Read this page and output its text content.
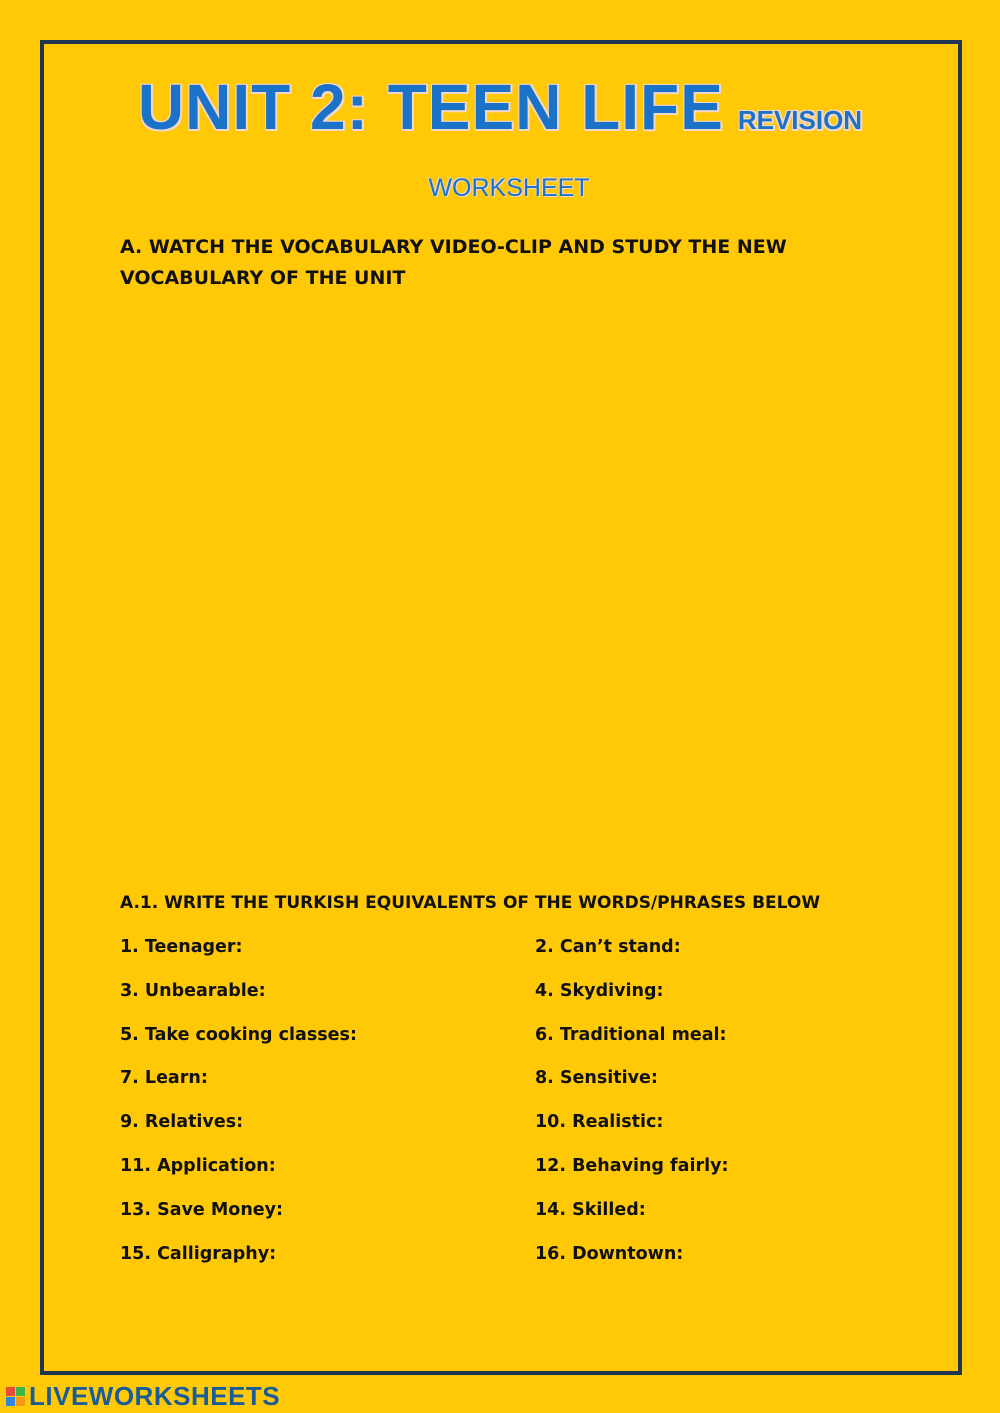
UNIT 2: TEEN LIFE REVISION
WORKSHEET
A. WATCH THE VOCABULARY VIDEO-CLIP AND STUDY THE NEW
VOCABULARY OF THE UNIT
A.1. WRITE THE TURKISH EQUIVALENTS OF THE WORDS/PHRASES BELOW
1. Teenager:	2. Can’t stand:
3. Unbearable:	4. Skydiving:
5. Take cooking classes:	6. Traditional meal:
7. Learn:	8. Sensitive:
9. Relatives:	10. Realistic:
11. Application:	12. Behaving fairly:
13. Save Money:	14. Skilled:
15. Calligraphy:	16. Downtown:
LIVEWORKSHEETS
